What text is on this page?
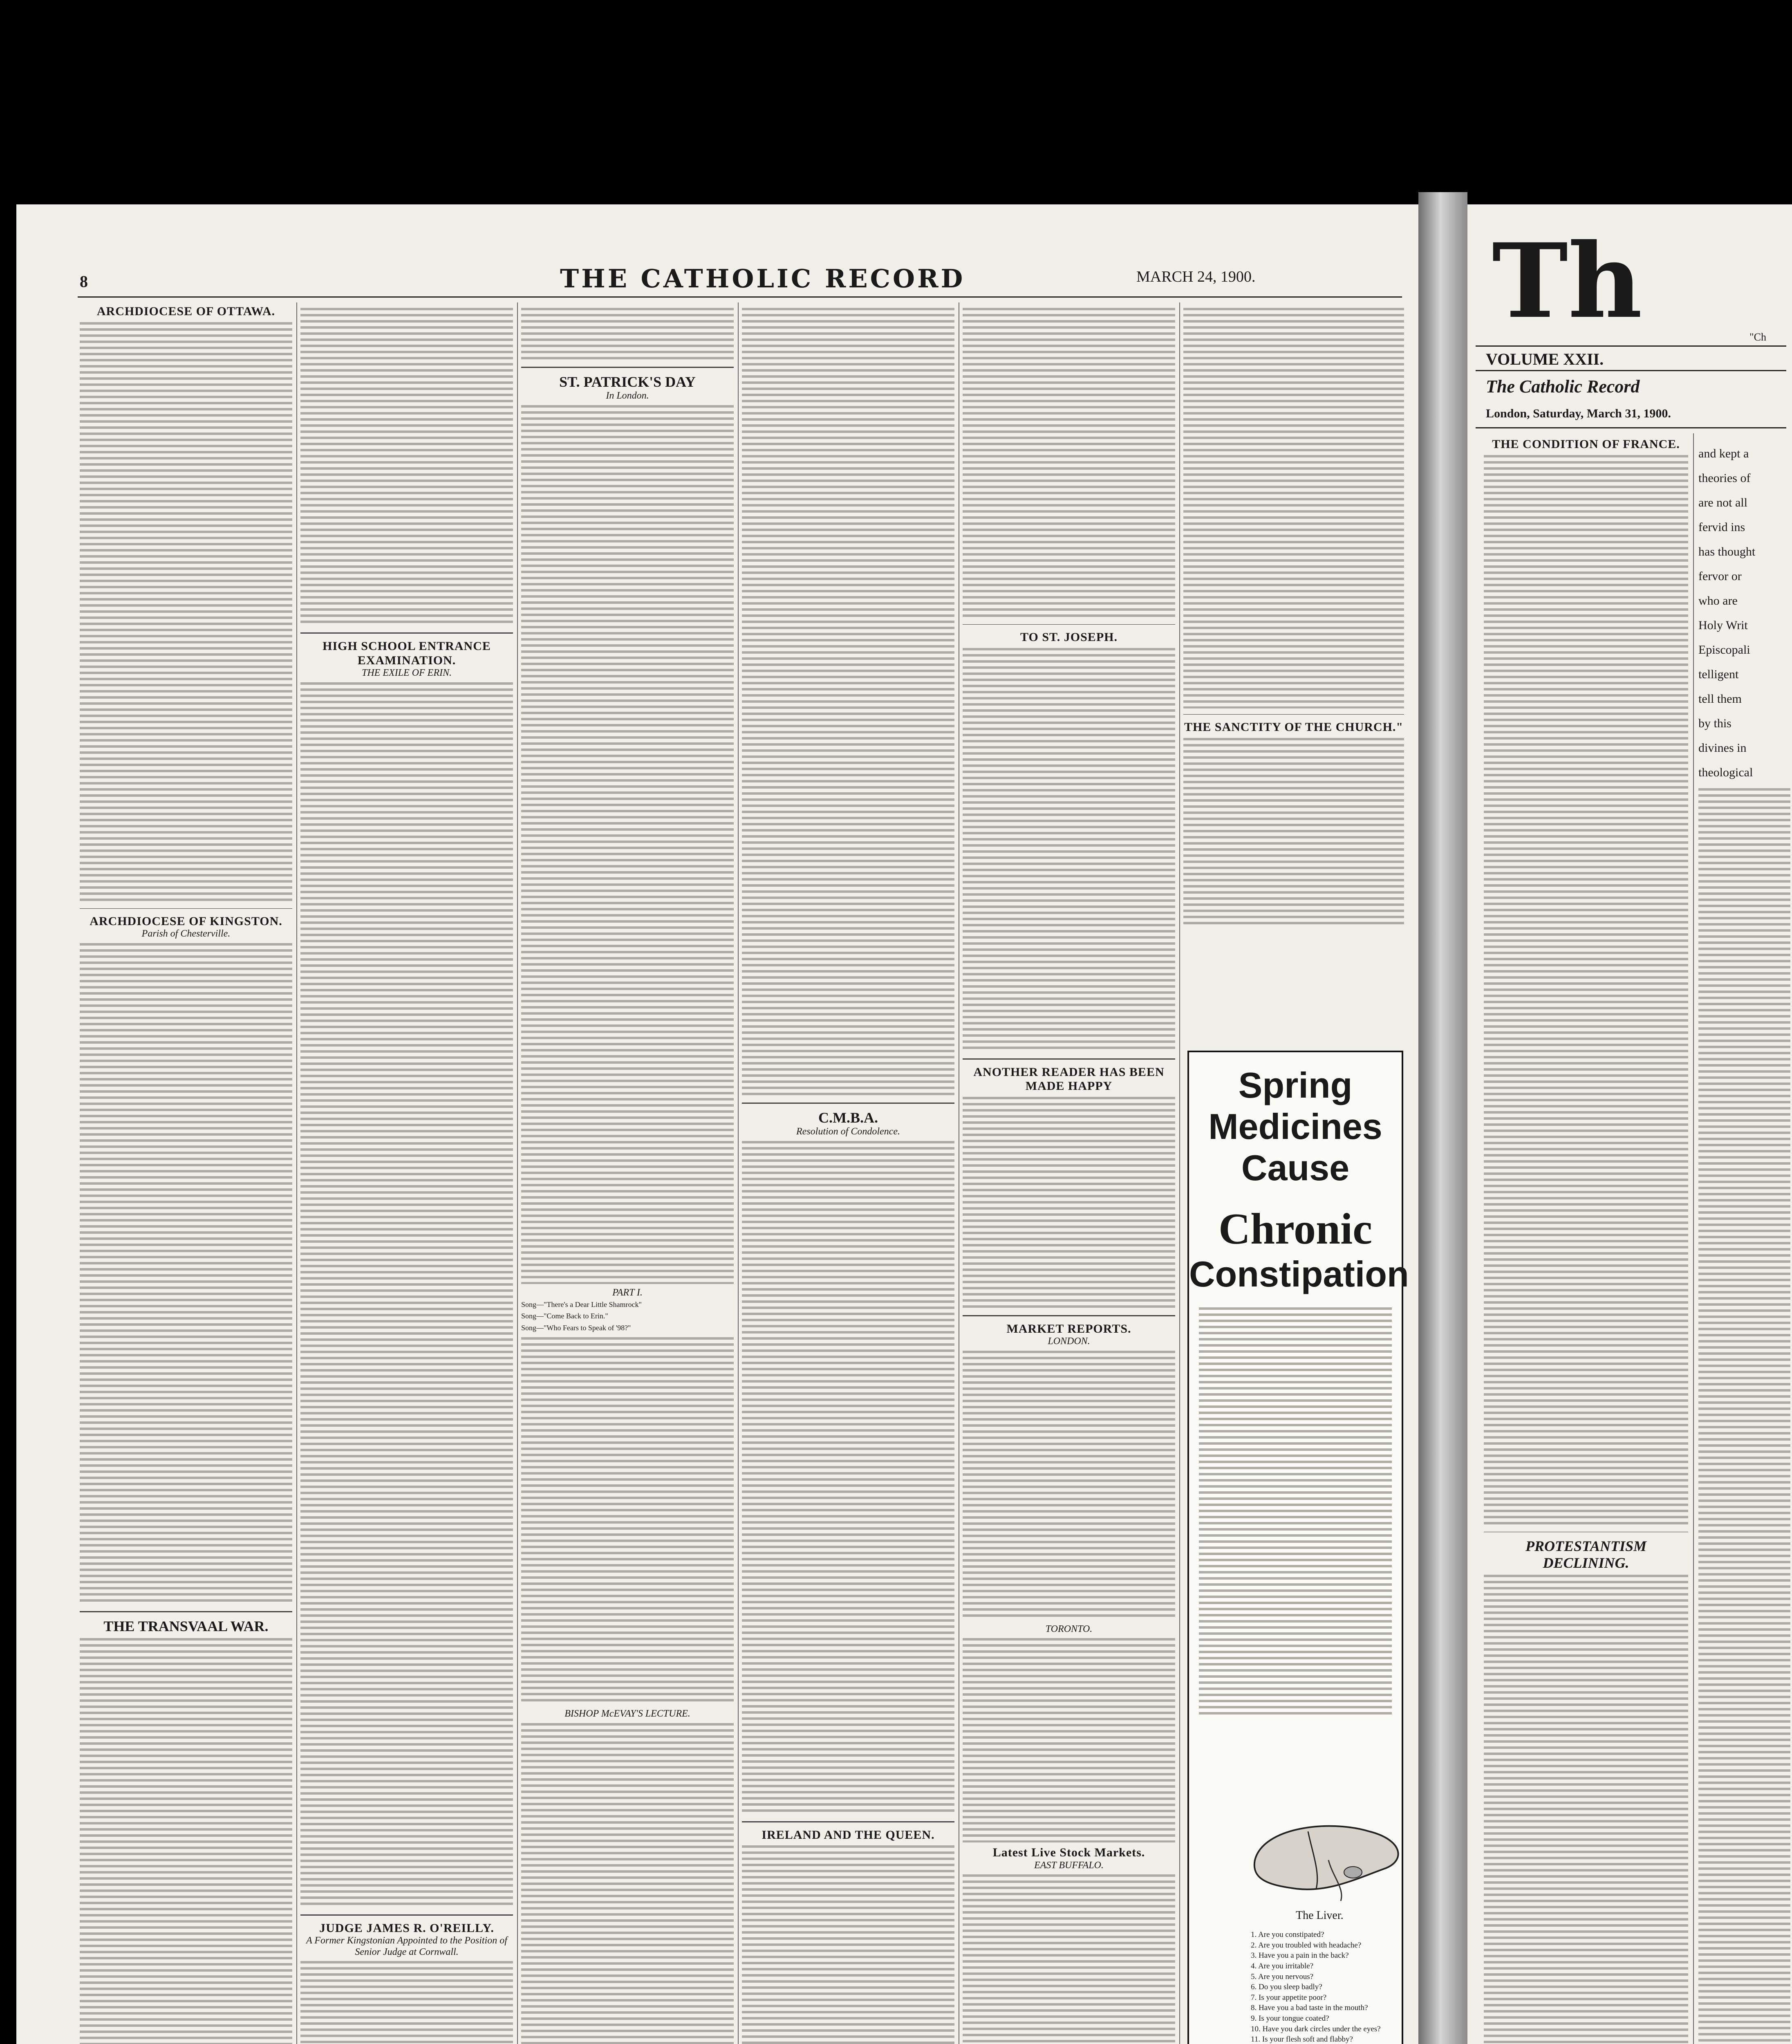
8	THE CATHOLIC RECORD	MARCH 24, 1900.

ARCHDIOCESE OF OTTAWA.

ARCHDIOCESE OF KINGSTON.

Parish of Chesterville.

THE TRANSVAAL WAR.

HIGH SCHOOL ENTRANCE EXAMINATION.

THE EXILE OF ERIN.

JUDGE JAMES R. O'REILLY.

A Former Kingstonian Appointed to the Position of Senior Judge at Cornwall.

ST. PATRICK'S DAY

In London.

PART I.

Song—"There's a Dear Little Shamrock"
Song—"Come Back to Erin."
Song—"Who Fears to Speak of '98?"

BISHOP McEVAY'S LECTURE.

C.M.B.A.

Resolution of Condolence.

IRELAND AND THE QUEEN.

TO ST. JOSEPH.

ANOTHER READER HAS BEEN MADE HAPPY

MARKET REPORTS.

LONDON.

TORONTO.

Latest Live Stock Markets.

EAST BUFFALO.

THE SANCTITY OF THE CHURCH."

Spring

Medicines

Cause

Chronic

Constipation

The Liver.
1. Are you constipated?
2. Are you troubled with headache?
3. Have you a pain in the back?
4. Are you irritable?
5. Are you nervous?
6. Do you sleep badly?
7. Is your appetite poor?
8. Have you a bad taste in the mouth?
9. Is your tongue coated?
10. Have you dark circles under the eyes?
11. Is your flesh soft and flabby?
Th	"Ch
VOLUME XXII.
The Catholic Record
London, Saturday, March 31, 1900.

THE CONDITION OF FRANCE.

PROTESTANTISM DECLINING.

and kept a
theories of
are not all
fervid ins
has thought
fervor or
who are
Holy Writ
Episcopali
telligent
tell them
by this
divines in
theological
